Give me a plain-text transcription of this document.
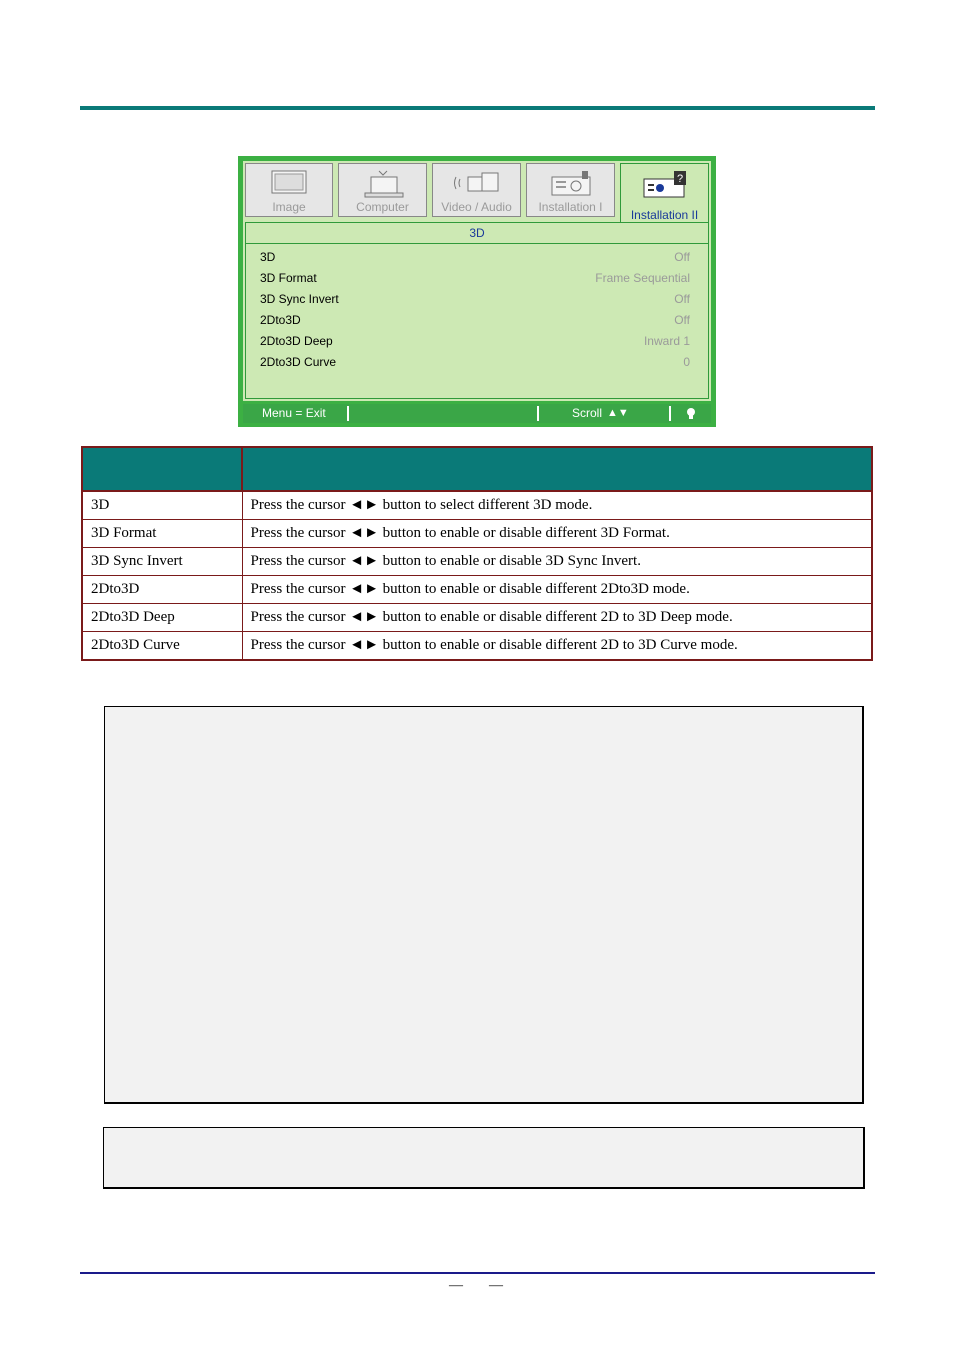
Image	Computer	Video / Audio	Installation I
?
Installation II
3D
3D	Off
3D Format	Frame Sequential
3D Sync Invert	Off
2Dto3D	Off
2Dto3D Deep	Inward 1
2Dto3D Curve	0
Menu = Exit	Scroll ▲▼

3D	Press the cursor ◄► button to select different 3D mode.
3D Format	Press the cursor ◄► button to enable or disable different 3D Format.
3D Sync Invert	Press the cursor ◄► button to enable or disable 3D Sync Invert.
2Dto3D	Press the cursor ◄► button to enable or disable different 2Dto3D mode.
2Dto3D Deep	Press the cursor ◄► button to enable or disable different 2D to 3D Deep mode.
2Dto3D Curve	Press the cursor ◄► button to enable or disable different 2D to 3D Curve mode.
— —
